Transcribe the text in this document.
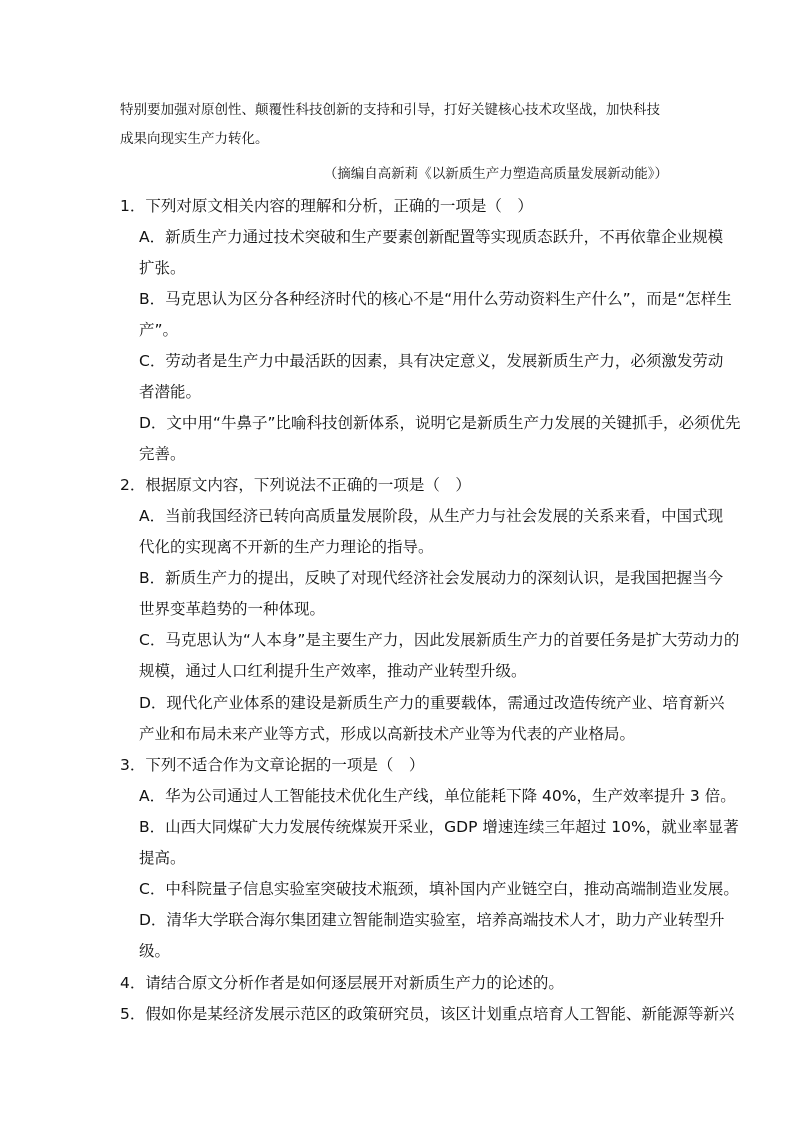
特别要加强对原创性、颠覆性科技创新的支持和引导，打好关键核心技术攻坚战，加快科技
成果向现实生产力转化。
（摘编自高新莉《以新质生产力塑造高质量发展新动能》）
1．下列对原文相关内容的理解和分析，正确的一项是（　）
A．新质生产力通过技术突破和生产要素创新配置等实现质态跃升，不再依靠企业规模
扩张。
B．马克思认为区分各种经济时代的核心不是“用什么劳动资料生产什么”，而是“怎样生
产”。
C．劳动者是生产力中最活跃的因素，具有决定意义，发展新质生产力，必须激发劳动
者潜能。
D．文中用“牛鼻子”比喻科技创新体系，说明它是新质生产力发展的关键抓手，必须优先
完善。
2．根据原文内容，下列说法不正确的一项是（　）
A．当前我国经济已转向高质量发展阶段，从生产力与社会发展的关系来看，中国式现
代化的实现离不开新的生产力理论的指导。
B．新质生产力的提出，反映了对现代经济社会发展动力的深刻认识，是我国把握当今
世界变革趋势的一种体现。
C．马克思认为“人本身”是主要生产力，因此发展新质生产力的首要任务是扩大劳动力的
规模，通过人口红利提升生产效率，推动产业转型升级。
D．现代化产业体系的建设是新质生产力的重要载体，需通过改造传统产业、培育新兴
产业和布局未来产业等方式，形成以高新技术产业等为代表的产业格局。
3．下列不适合作为文章论据的一项是（　）
A．华为公司通过人工智能技术优化生产线，单位能耗下降 40%，生产效率提升 3 倍。
B．山西大同煤矿大力发展传统煤炭开采业，GDP 增速连续三年超过 10%，就业率显著
提高。
C．中科院量子信息实验室突破技术瓶颈，填补国内产业链空白，推动高端制造业发展。
D．清华大学联合海尔集团建立智能制造实验室，培养高端技术人才，助力产业转型升
级。
4．请结合原文分析作者是如何逐层展开对新质生产力的论述的。
5．假如你是某经济发展示范区的政策研究员，该区计划重点培育人工智能、新能源等新兴
